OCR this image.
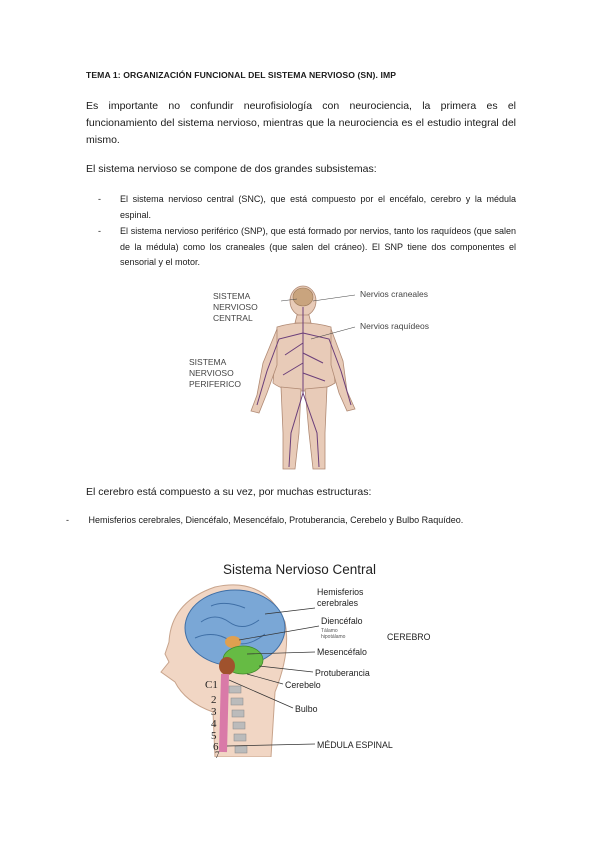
TEMA 1: ORGANIZACIÓN FUNCIONAL DEL SISTEMA NERVIOSO (SN). IMP
Es importante no confundir neurofisiología con neurociencia, la primera es el funcionamiento del sistema nervioso, mientras que la neurociencia es el estudio integral del mismo.
El sistema nervioso se compone de dos grandes subsistemas:
- El sistema nervioso central (SNC), que está compuesto por el encéfalo, cerebro y la médula espinal.
- El sistema nervioso periférico (SNP), que está formado por nervios, tanto los raquídeos (que salen de la médula) como los craneales (que salen del cráneo). El SNP tiene dos componentes el sensorial y el motor.
SISTEMA NERVIOSO CENTRAL
SISTEMA NERVIOSO PERIFERICO
Nervios craneales
Nervios raquídeos
El cerebro está compuesto a su vez, por muchas estructuras:
- Hemisferios cerebrales, Diencéfalo, Mesencéfalo, Protuberancia, Cerebelo y Bulbo Raquídeo.
Sistema Nervioso Central
C1
2
3
4
5
6
7
Hemisferios cerebrales
Diencéfalo
Tálamo hipotálamo	CEREBRO
Mesencéfalo
Protuberancia
Cerebelo
Bulbo
MÉDULA ESPINAL
